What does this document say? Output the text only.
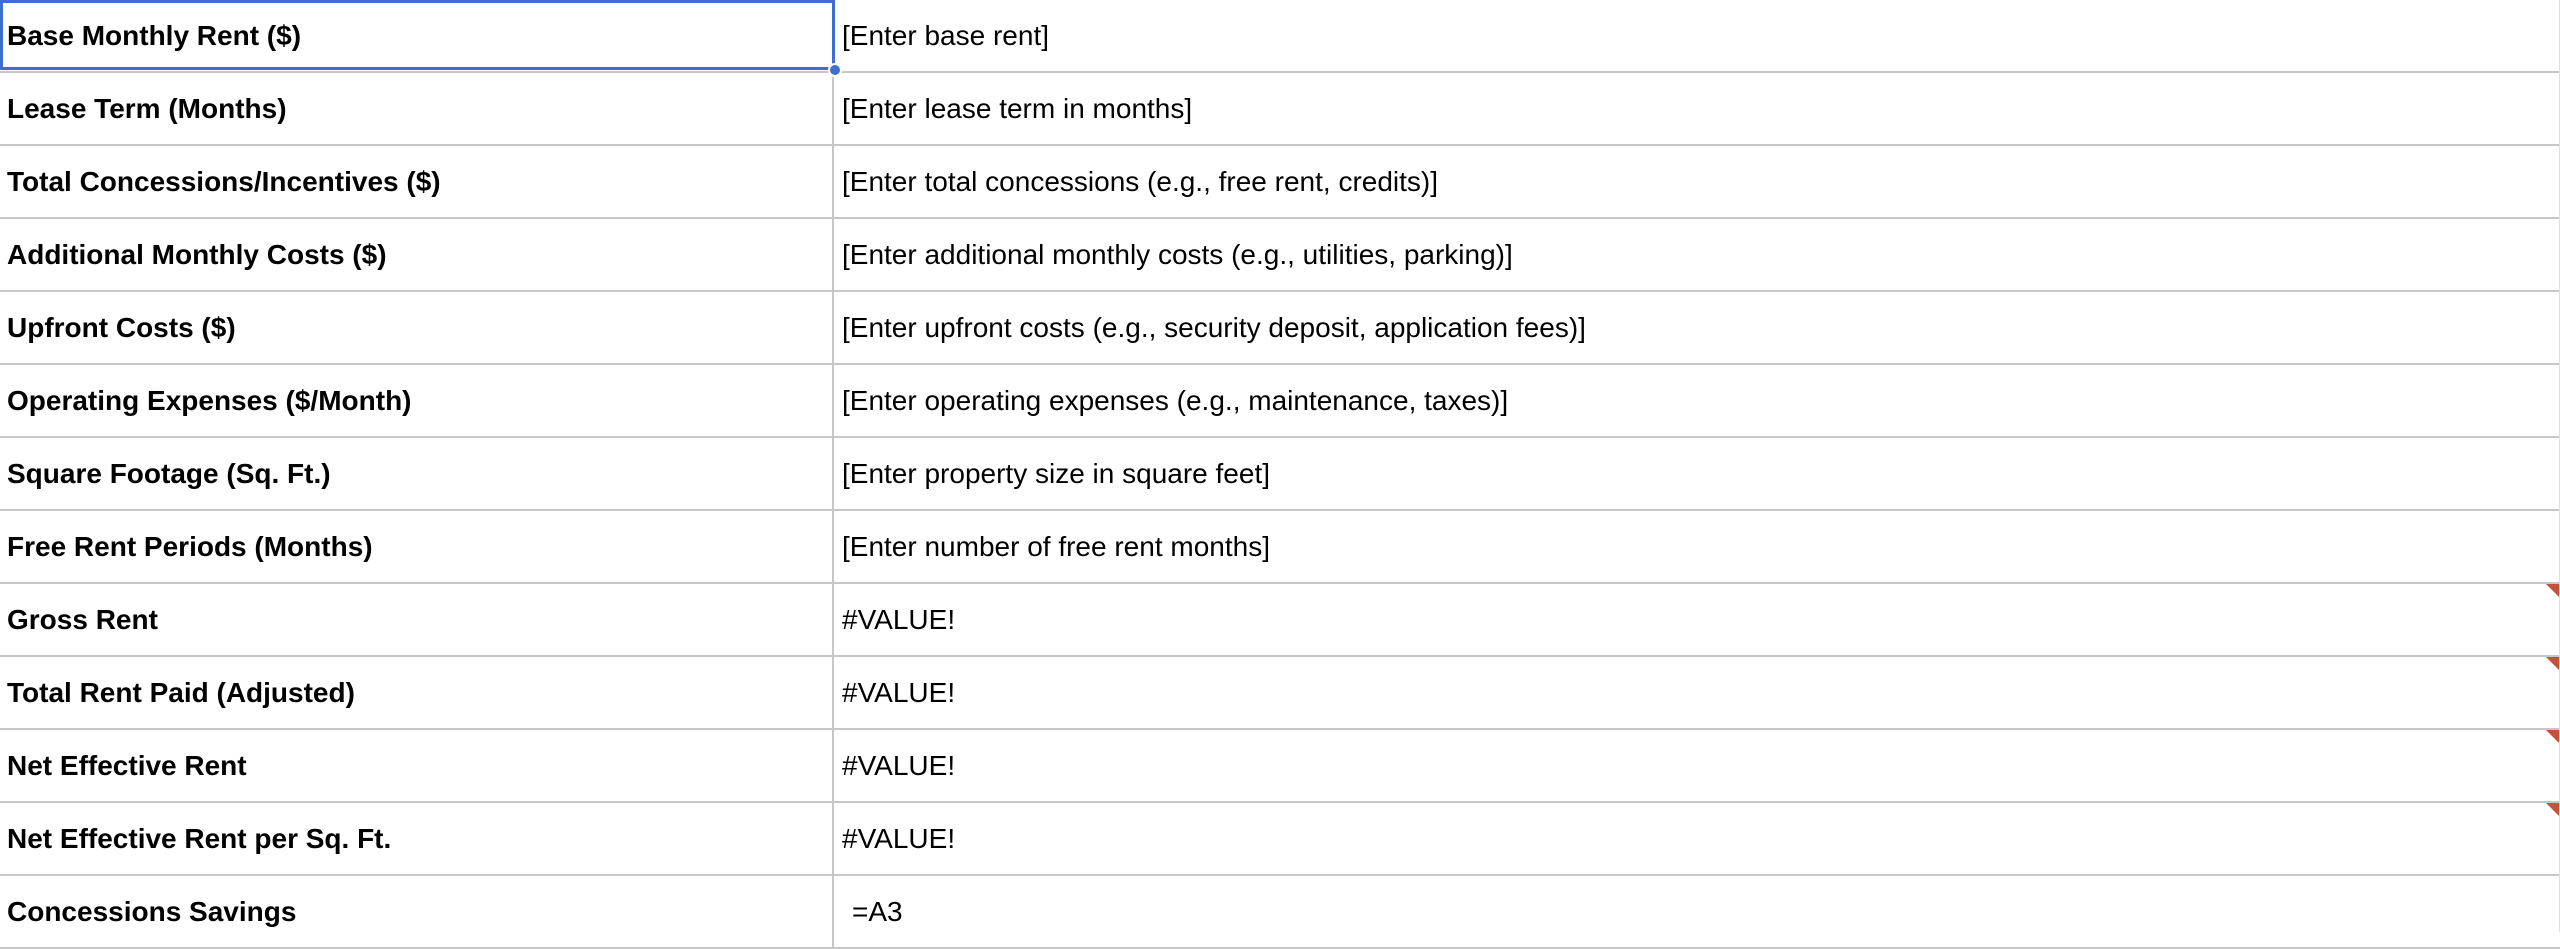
Base Monthly Rent ($)	[Enter base rent]
Lease Term (Months)	[Enter lease term in months]
Total Concessions/Incentives ($)	[Enter total concessions (e.g., free rent, credits)]
Additional Monthly Costs ($)	[Enter additional monthly costs (e.g., utilities, parking)]
Upfront Costs ($)	[Enter upfront costs (e.g., security deposit, application fees)]
Operating Expenses ($/Month)	[Enter operating expenses (e.g., maintenance, taxes)]
Square Footage (Sq. Ft.)	[Enter property size in square feet]
Free Rent Periods (Months)	[Enter number of free rent months]
Gross Rent	#VALUE!
Total Rent Paid (Adjusted)	#VALUE!
Net Effective Rent	#VALUE!
Net Effective Rent per Sq. Ft.	#VALUE!
Concessions Savings	=A3
